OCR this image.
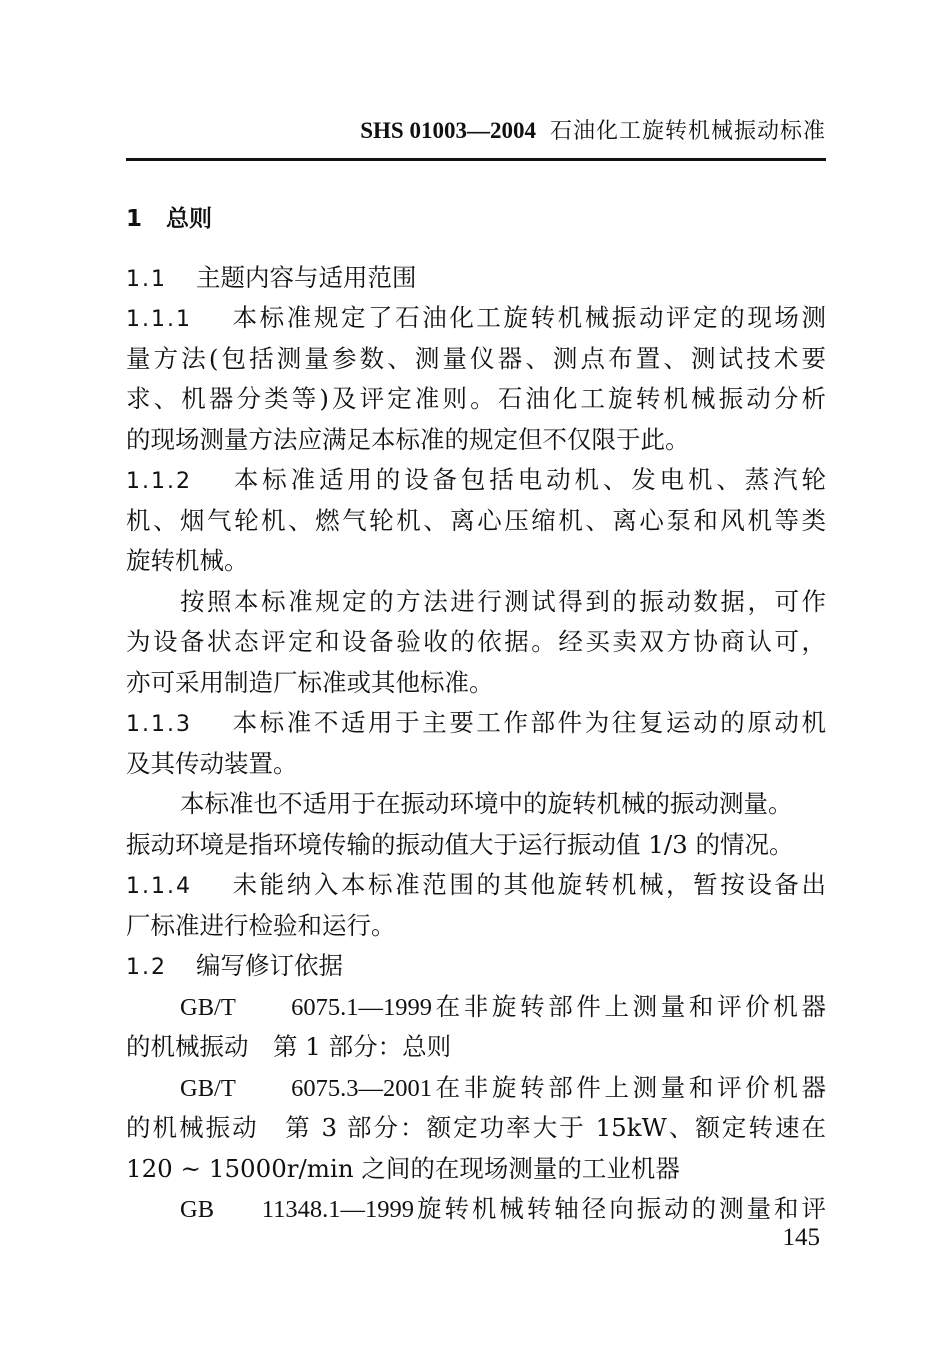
SHS 01003—2004 石油化工旋转机械振动标准
1 总则
1.1 主题内容与适用范围
1.1.1 本标准规定了石油化工旋转机械振动评定的现场测
量方法(包括测量参数、测量仪器、测点布置、测试技术要
求、机器分类等)及评定准则。石油化工旋转机械振动分析
的现场测量方法应满足本标准的规定但不仅限于此。
1.1.2 本标准适用的设备包括电动机、发电机、蒸汽轮
机、烟气轮机、燃气轮机、离心压缩机、离心泵和风机等类
旋转机械。
按照本标准规定的方法进行测试得到的振动数据，可作
为设备状态评定和设备验收的依据。经买卖双方协商认可，
亦可采用制造厂标准或其他标准。
1.1.3 本标准不适用于主要工作部件为往复运动的原动机
及其传动装置。
本标准也不适用于在振动环境中的旋转机械的振动测量。
振动环境是指环境传输的振动值大于运行振动值 1/3 的情况。
1.1.4 未能纳入本标准范围的其他旋转机械，暂按设备出
厂标准进行检验和运行。
1.2 编写修订依据
GB/T 6075.1—1999在非旋转部件上测量和评价机器
的机械振动　第 1 部分：总则
GB/T 6075.3—2001在非旋转部件上测量和评价机器
的机械振动　第 3 部分：额定功率大于 15kW、额定转速在
120 ~ 15000r/min 之间的在现场测量的工业机器
GB 11348.1—1999旋转机械转轴径向振动的测量和评
145
